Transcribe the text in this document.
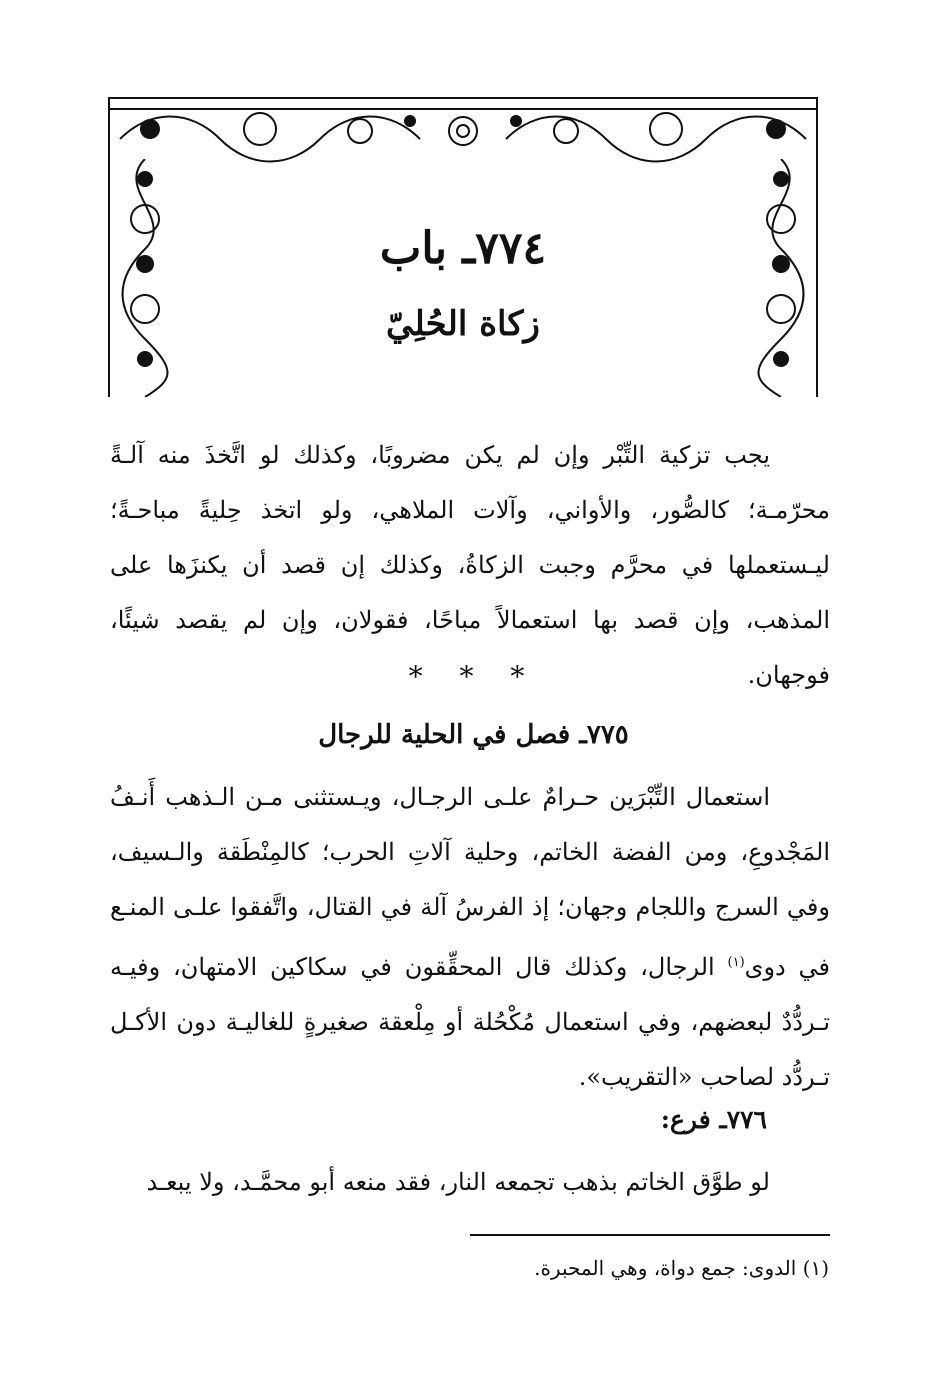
٧٧٤ـ باب
زكاة الحُلِيّ

يجب تزكية التِّبْر وإن لم يكن مضروبًا، وكذلك لو اتَّخذَ منه آلـةً محرّمـة؛ كالصُّور، والأواني، وآلات الملاهي، ولو اتخذ حِليةً مباحـةً؛ ليـستعملها في محرَّم وجبت الزكاةُ، وكذلك إن قصد أن يكنزَها على المذهب، وإن قصد بها استعمالاً مباحًا، فقولان، وإن لم يقصد شيئًا، فوجهان.

* * *
٧٧٥ـ فصل في الحلية للرجال

استعمال التِّبْرَين حـرامٌ علـى الرجـال، ويـستثنى مـن الـذهب أَنـفُ المَجْدوعِ، ومن الفضة الخاتم، وحلية آلاتِ الحرب؛ كالمِنْطَقة والـسيف، وفي السرج واللجام وجهان؛ إذ الفرسُ آلة في القتال، واتَّفقوا علـى المنـع في دوى$^{(١)}$ الرجال، وكذلك قال المحقِّقون في سكاكين الامتهان، وفيـه تـردُّدٌ لبعضهم، وفي استعمال مُكْحُلة أو مِلْعقة صغيرةٍ للغاليـة دون الأكـل تـردُّد لصاحب «التقريب».

٧٧٦ـ فرع:

لو طوَّق الخاتم بذهب تجمعه النار، فقد منعه أبو محمَّـد، ولا يبعـد

(١) الدوى: جمع دواة، وهي المحبرة.
